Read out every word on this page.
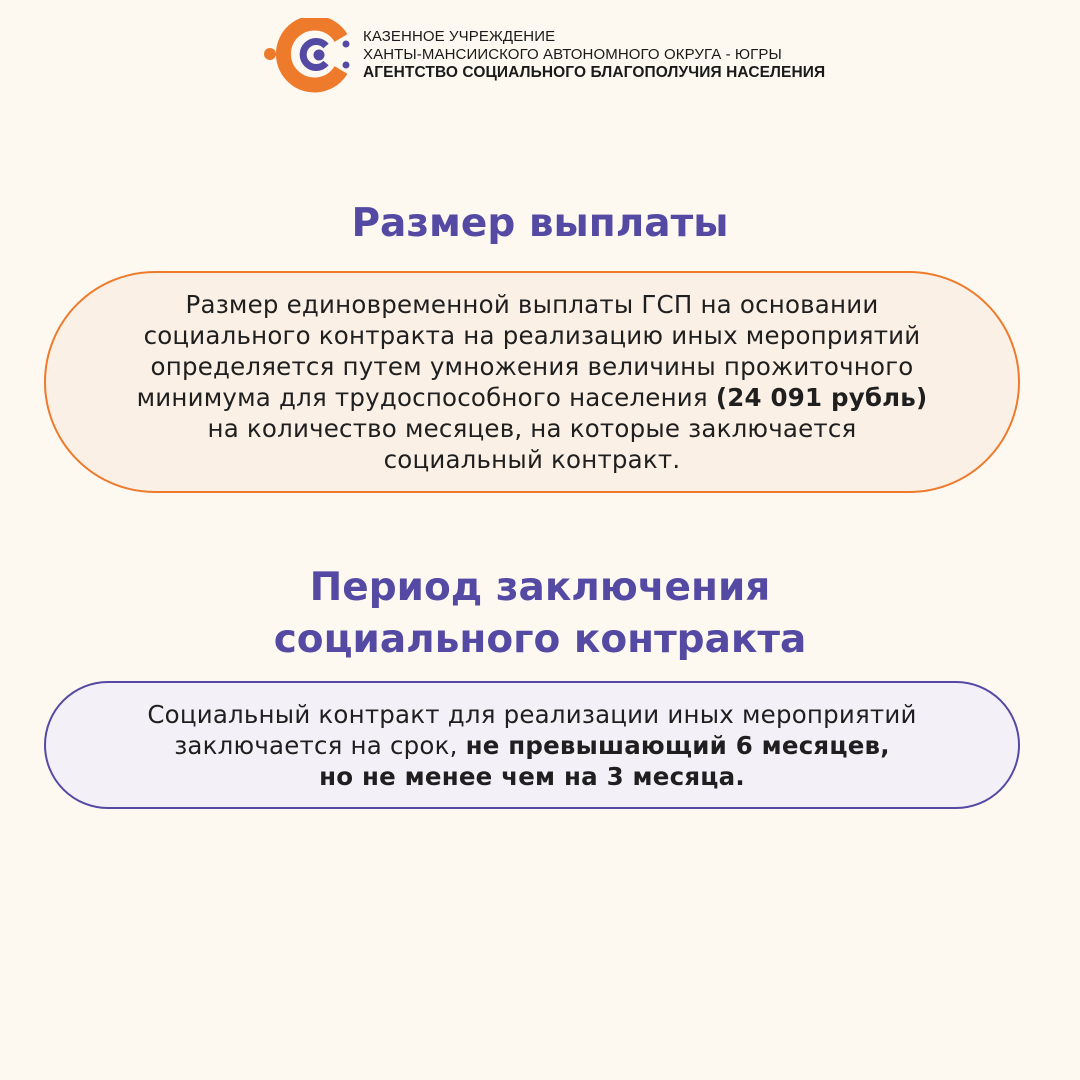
КАЗЕННОЕ УЧРЕЖДЕНИЕ
ХАНТЫ-МАНСИИСКОГО АВТОНОМНОГО ОКРУГА - ЮГРЫ
АГЕНТСТВО СОЦИАЛЬНОГО БЛАГОПОЛУЧИЯ НАСЕЛЕНИЯ
Размер выплаты
Размер единовременной выплаты ГСП на основании
социального контракта на реализацию иных мероприятий
определяется путем умножения величины прожиточного
минимума для трудоспособного населения (24 091 рубль)
на количество месяцев, на которые заключается
социальный контракт.
Период заключения
социального контракта
Социальный контракт для реализации иных мероприятий
заключается на срок, не превышающий 6 месяцев,
но не менее чем на 3 месяца.
